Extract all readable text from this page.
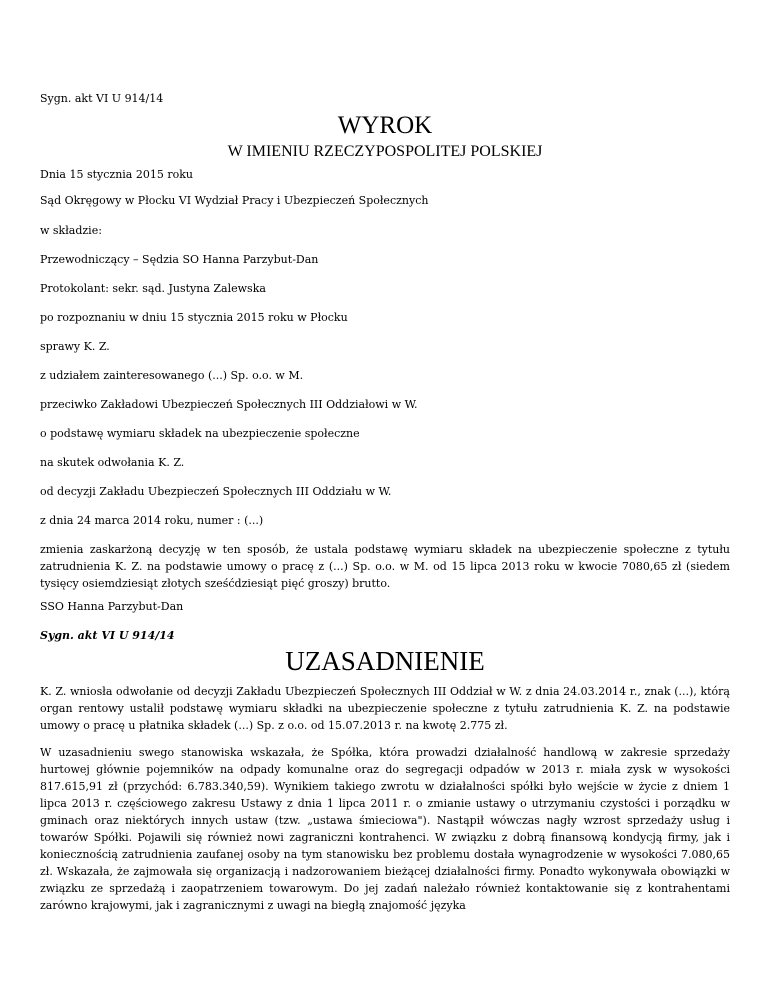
Sygn. akt VI U 914/14
WYROK
W IMIENIU RZECZYPOSPOLITEJ POLSKIEJ
Dnia 15 stycznia 2015 roku
Sąd Okręgowy w Płocku VI Wydział Pracy i Ubezpieczeń Społecznych
w składzie:
Przewodniczący – Sędzia SO Hanna Parzybut-Dan
Protokolant: sekr. sąd. Justyna Zalewska
po rozpoznaniu w dniu 15 stycznia 2015 roku w Płocku
sprawy K. Z.
z udziałem zainteresowanego (...) Sp. o.o. w M.
przeciwko Zakładowi Ubezpieczeń Społecznych III Oddziałowi w W.
o podstawę wymiaru składek na ubezpieczenie społeczne
na skutek odwołania K. Z.
od decyzji Zakładu Ubezpieczeń Społecznych III Oddziału w W.
z dnia 24 marca 2014 roku, numer : (...)
zmienia zaskarżoną decyzję w ten sposób, że ustala podstawę wymiaru składek na ubezpieczenie społeczne z tytułu zatrudnienia K. Z. na podstawie umowy o pracę z (...) Sp. o.o. w M. od 15 lipca 2013 roku w kwocie 7080,65 zł (siedem tysięcy osiemdziesiąt złotych sześćdziesiąt pięć groszy) brutto.
SSO Hanna Parzybut-Dan
Sygn. akt VI U 914/14
UZASADNIENIE
K. Z. wniosła odwołanie od decyzji Zakładu Ubezpieczeń Społecznych III Oddział w W. z dnia 24.03.2014 r., znak (...), którą organ rentowy ustalił podstawę wymiaru składki na ubezpieczenie społeczne z tytułu zatrudnienia K. Z. na podstawie umowy o pracę u płatnika składek (...) Sp. z o.o. od 15.07.2013 r. na kwotę 2.775 zł.
W uzasadnieniu swego stanowiska wskazała, że Spółka, która prowadzi działalność handlową w zakresie sprzedaży hurtowej głównie pojemników na odpady komunalne oraz do segregacji odpadów w 2013 r. miała zysk w wysokości 817.615,91 zł (przychód: 6.783.340,59). Wynikiem takiego zwrotu w działalności spółki było wejście w życie z dniem 1 lipca 2013 r. częściowego zakresu Ustawy z dnia 1 lipca 2011 r. o zmianie ustawy o utrzymaniu czystości i porządku w gminach oraz niektórych innych ustaw (tzw. „ustawa śmieciowa"). Nastąpił wówczas nagły wzrost sprzedaży usług i towarów Spółki. Pojawili się również nowi zagraniczni kontrahenci. W związku z dobrą finansową kondycją firmy, jak i koniecznością zatrudnienia zaufanej osoby na tym stanowisku bez problemu dostała wynagrodzenie w wysokości 7.080,65 zł. Wskazała, że zajmowała się organizacją i nadzorowaniem bieżącej działalności firmy. Ponadto wykonywała obowiązki w związku ze sprzedażą i zaopatrzeniem towarowym. Do jej zadań należało również kontaktowanie się z kontrahentami zarówno krajowymi, jak i zagranicznymi z uwagi na biegłą znajomość języka
